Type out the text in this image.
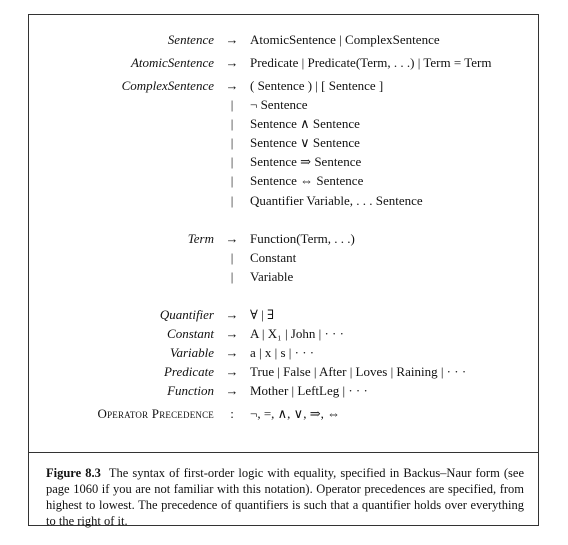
Sentence → AtomicSentence | ComplexSentence
AtomicSentence → Predicate | Predicate(Term, . . .) | Term = Term
ComplexSentence → ( Sentence ) | [ Sentence ]
| ¬ Sentence
| Sentence ∧ Sentence
| Sentence ∨ Sentence
| Sentence ⇒ Sentence
| Sentence ⇔ Sentence
| Quantifier Variable, . . . Sentence
Term → Function(Term, . . .)
| Constant
| Variable
Quantifier → ∀ | ∃
Constant → A | X₁ | John | · · ·
Variable → a | x | s | · · ·
Predicate → True | False | After | Loves | Raining | · · ·
Function → Mother | LeftLeg | · · ·
Operator Precedence	:	¬, =, ∧, ∨, ⇒, ⇔
Figure 8.3 The syntax of first-order logic with equality, specified in Backus–Naur form (see page 1060 if you are not familiar with this notation). Operator precedences are specified, from highest to lowest. The precedence of quantifiers is such that a quantifier holds over everything to the right of it.
